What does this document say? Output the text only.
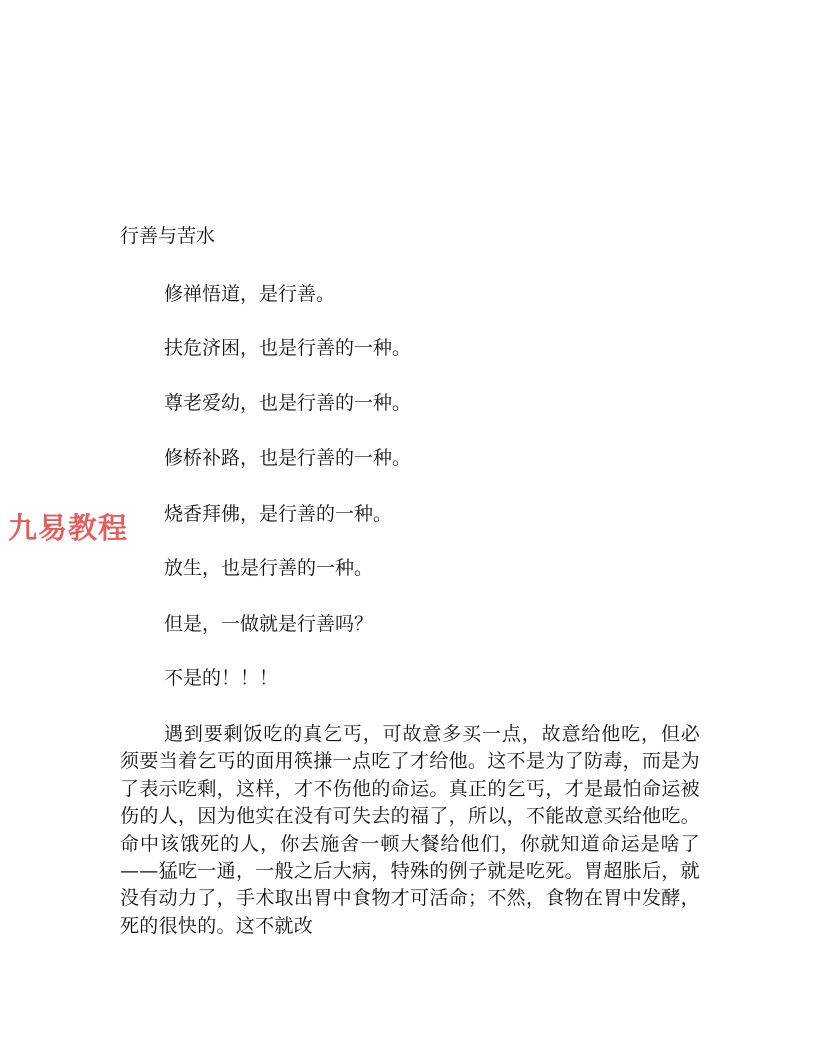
行善与苦水
修禅悟道，是行善。
扶危济困，也是行善的一种。
尊老爱幼，也是行善的一种。
修桥补路，也是行善的一种。
烧香拜佛，是行善的一种。
放生，也是行善的一种。
但是，一做就是行善吗？
不是的！！！
遇到要剩饭吃的真乞丐，可故意多买一点，故意给他吃，但必须要当着乞丐的面用筷搛一点吃了才给他。这不是为了防毒，而是为了表示吃剩，这样，才不伤他的命运。真正的乞丐，才是最怕命运被伤的人，因为他实在没有可失去的福了，所以，不能故意买给他吃。命中该饿死的人，你去施舍一顿大餐给他们，你就知道命运是啥了——猛吃一通，一般之后大病，特殊的例子就是吃死。胃超胀后，就没有动力了，手术取出胃中食物才可活命；不然，食物在胃中发酵，死的很快的。这不就改
九易教程
